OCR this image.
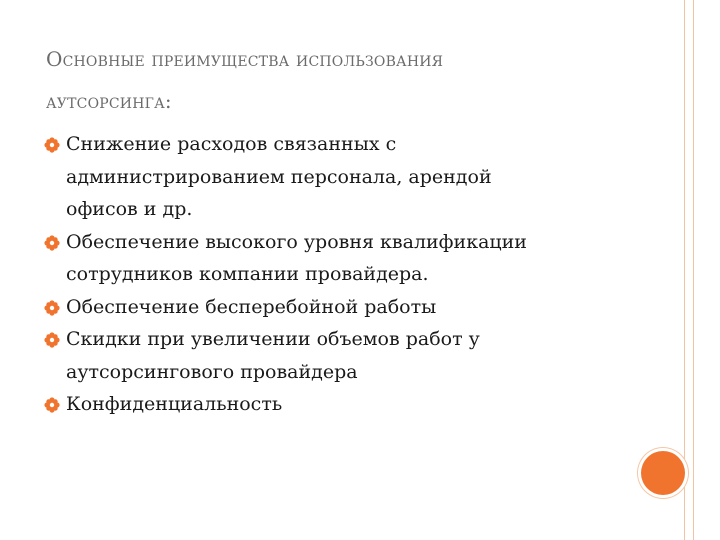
Основные преимущества использования
аутсорсинга:
Снижение расходов связанных с
администрированием персонала, арендой
офисов и др.
Обеспечение высокого уровня квалификации
сотрудников компании провайдера.
Обеспечение бесперебойной работы
Скидки при увеличении объемов работ у
аутсорсингового провайдера
Конфиденциальность
